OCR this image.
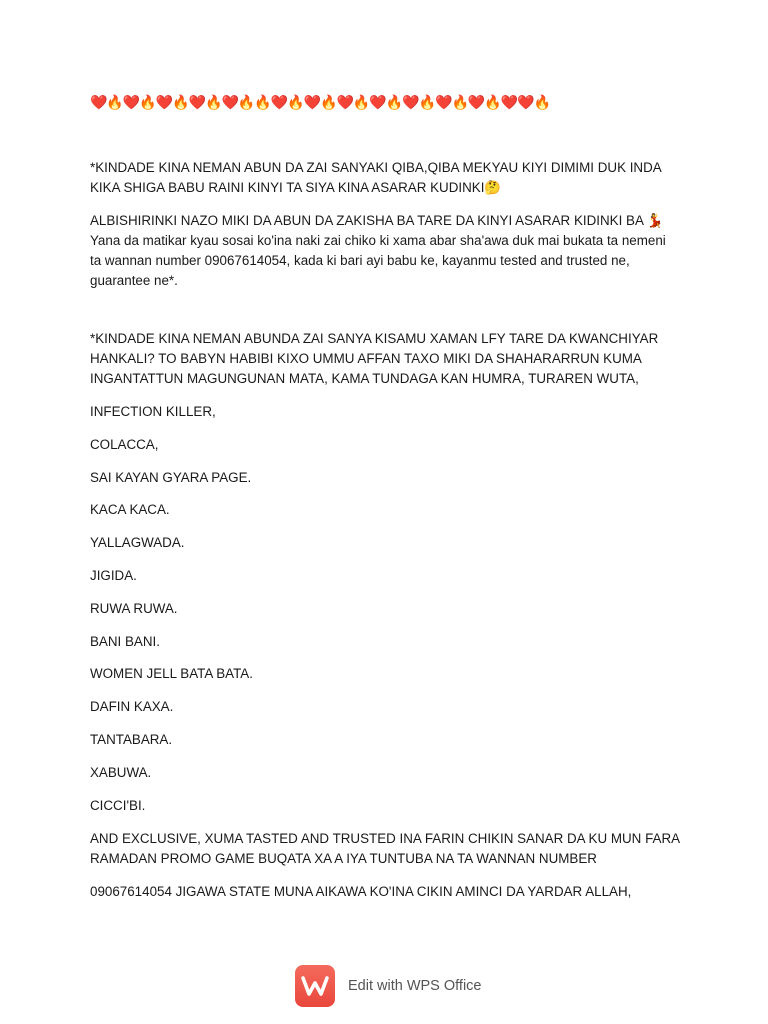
❤️🔥❤️🔥❤️🔥❤️🔥❤️🔥🔥❤️🔥❤️🔥❤️🔥❤️🔥❤️🔥❤️🔥❤️🔥❤️❤️🔥

*KINDADE KINA NEMAN ABUN DA ZAI SANYAKI QIBA,QIBA MEKYAU KIYI DIMIMI DUK INDA KIKA SHIGA BABU RAINI KINYI TA SIYA KINA ASARAR KUDINKI🤔

ALBISHIRINKI NAZO MIKI DA ABUN DA ZAKISHA BA TARE DA KINYI ASARAR KIDINKI BA 💃 Yana da matikar kyau sosai ko'ina naki zai chiko ki xama abar sha'awa duk mai bukata ta nemeni ta wannan number 09067614054, kada ki bari ayi babu ke, kayanmu tested and trusted ne, guarantee ne*.

*KINDADE KINA NEMAN ABUNDA ZAI SANYA KISAMU XAMAN LFY TARE DA KWANCHIYAR HANKALI? TO BABYN HABIBI KIXO UMMU AFFAN TAXO MIKI DA SHAHARARRUN KUMA INGANTATTUN MAGUNGUNAN MATA, KAMA TUNDAGA KAN HUMRA, TURAREN WUTA,

INFECTION KILLER,

COLACCA,

SAI KAYAN GYARA PAGE.

KACA KACA.

YALLAGWADA.

JIGIDA.

RUWA RUWA.

BANI BANI.

WOMEN JELL BATA BATA.

DAFIN KAXA.

TANTABARA.

XABUWA.

CICCI'BI.

AND EXCLUSIVE, XUMA TASTED AND TRUSTED INA FARIN CHIKIN SANAR DA KU MUN FARA RAMADAN PROMO GAME BUQATA XA A IYA TUNTUBA NA TA WANNAN NUMBER

09067614054 JIGAWA STATE MUNA AIKAWA KO'INA CIKIN AMINCI DA YARDAR ALLAH,

Edit with WPS Office
